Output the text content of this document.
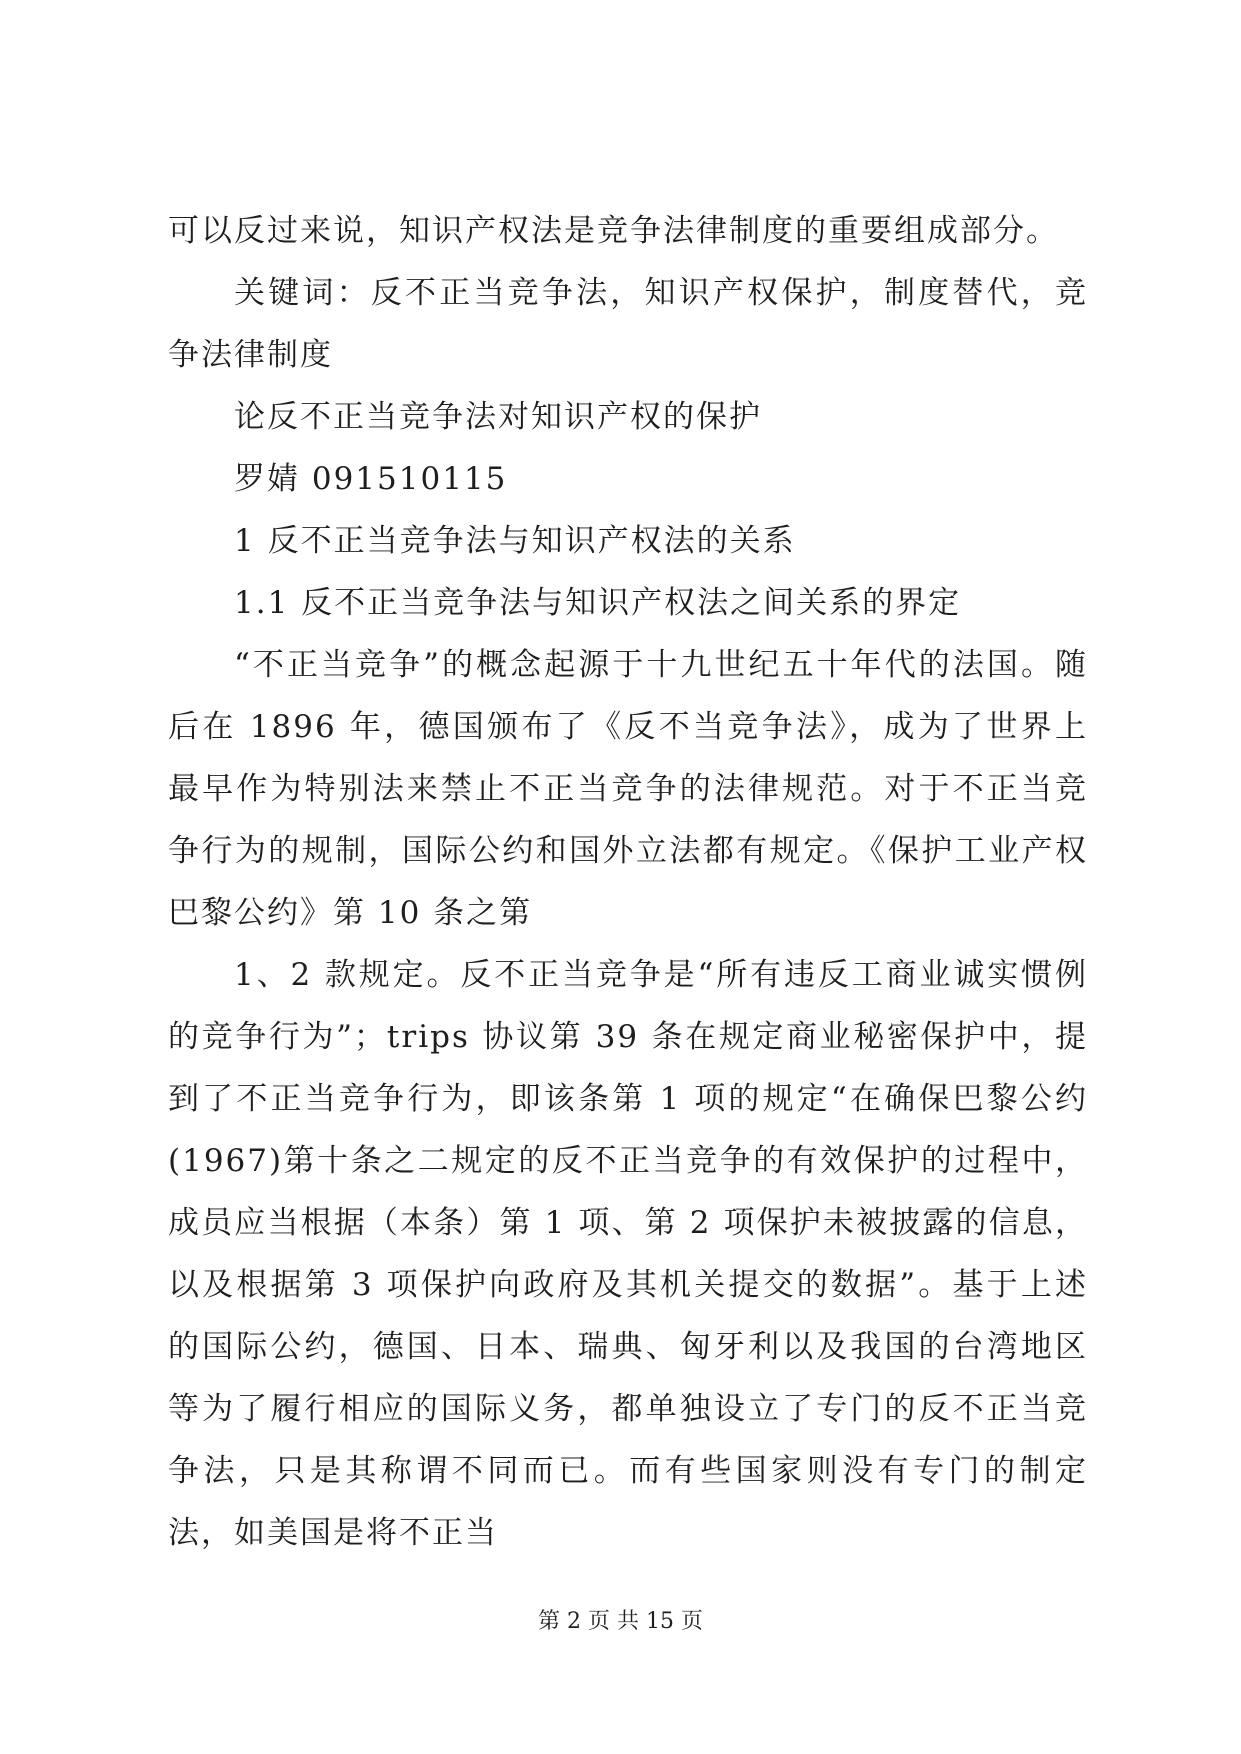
可以反过来说，知识产权法是竞争法律制度的重要组成部分。

关键词：反不正当竞争法，知识产权保护，制度替代，竞争法律制度

论反不正当竞争法对知识产权的保护

罗婧 091510115

1 反不正当竞争法与知识产权法的关系

1.1 反不正当竞争法与知识产权法之间关系的界定

“不正当竞争”的概念起源于十九世纪五十年代的法国。随后在 1896 年，德国颁布了《反不当竞争法》，成为了世界上最早作为特别法来禁止不正当竞争的法律规范。对于不正当竞争行为的规制，国际公约和国外立法都有规定。《保护工业产权巴黎公约》第 10 条之第

1、2 款规定。反不正当竞争是“所有违反工商业诚实惯例的竞争行为”；trips 协议第 39 条在规定商业秘密保护中，提到了不正当竞争行为，即该条第 1 项的规定“在确保巴黎公约(1967)第十条之二规定的反不正当竞争的有效保护的过程中，成员应当根据（本条）第 1 项、第 2 项保护未被披露的信息，以及根据第 3 项保护向政府及其机关提交的数据”。基于上述的国际公约，德国、日本、瑞典、匈牙利以及我国的台湾地区等为了履行相应的国际义务，都单独设立了专门的反不正当竞争法，只是其称谓不同而已。而有些国家则没有专门的制定法，如美国是将不正当

第 2 页 共 15 页
